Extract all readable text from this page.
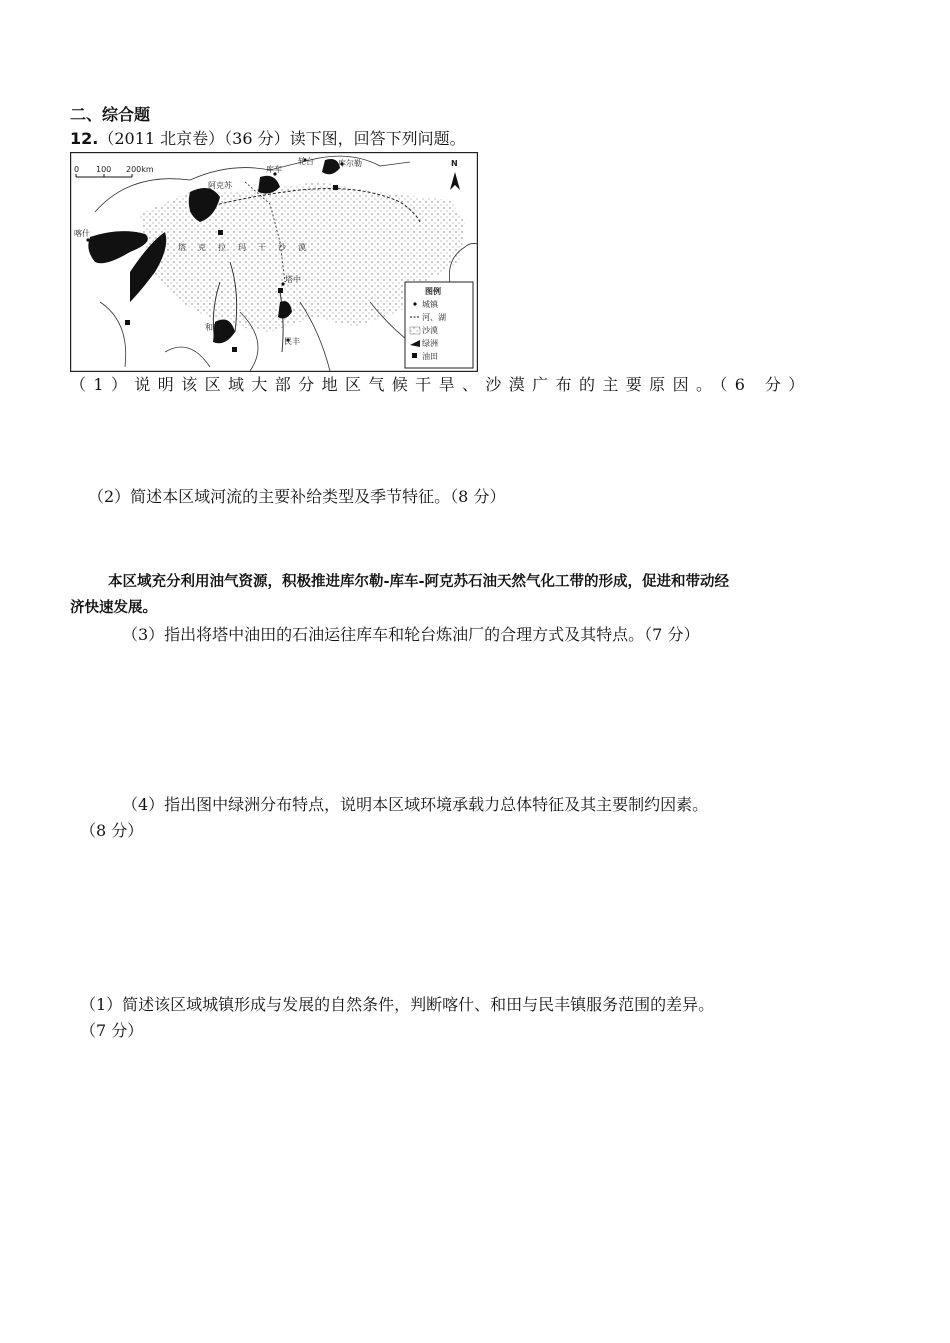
二、综合题
12.（2011 北京卷）（36 分）读下图，回答下列问题。
0 100 200km
N
阿克苏
库车
轮台	库尔勒
喀什
和田
民丰
塔中
塔克拉玛干沙漠
图例
城镇
河、湖
沙漠
绿洲
油田
（1）说明该区域大部分地区气候干旱、沙漠广布的主要原因。（6 分）
（2）简述本区域河流的主要补给类型及季节特征。（8 分）
本区域充分利用油气资源，积极推进库尔勒-库车-阿克苏石油天然气化工带的形成，促进和带动经
济快速发展。
（3）指出将塔中油田的石油运往库车和轮台炼油厂的合理方式及其特点。（7 分）
（4）指出图中绿洲分布特点，说明本区域环境承载力总体特征及其主要制约因素。
（8 分）
（1）简述该区域城镇形成与发展的自然条件，判断喀什、和田与民丰镇服务范围的差异。
（7 分）
